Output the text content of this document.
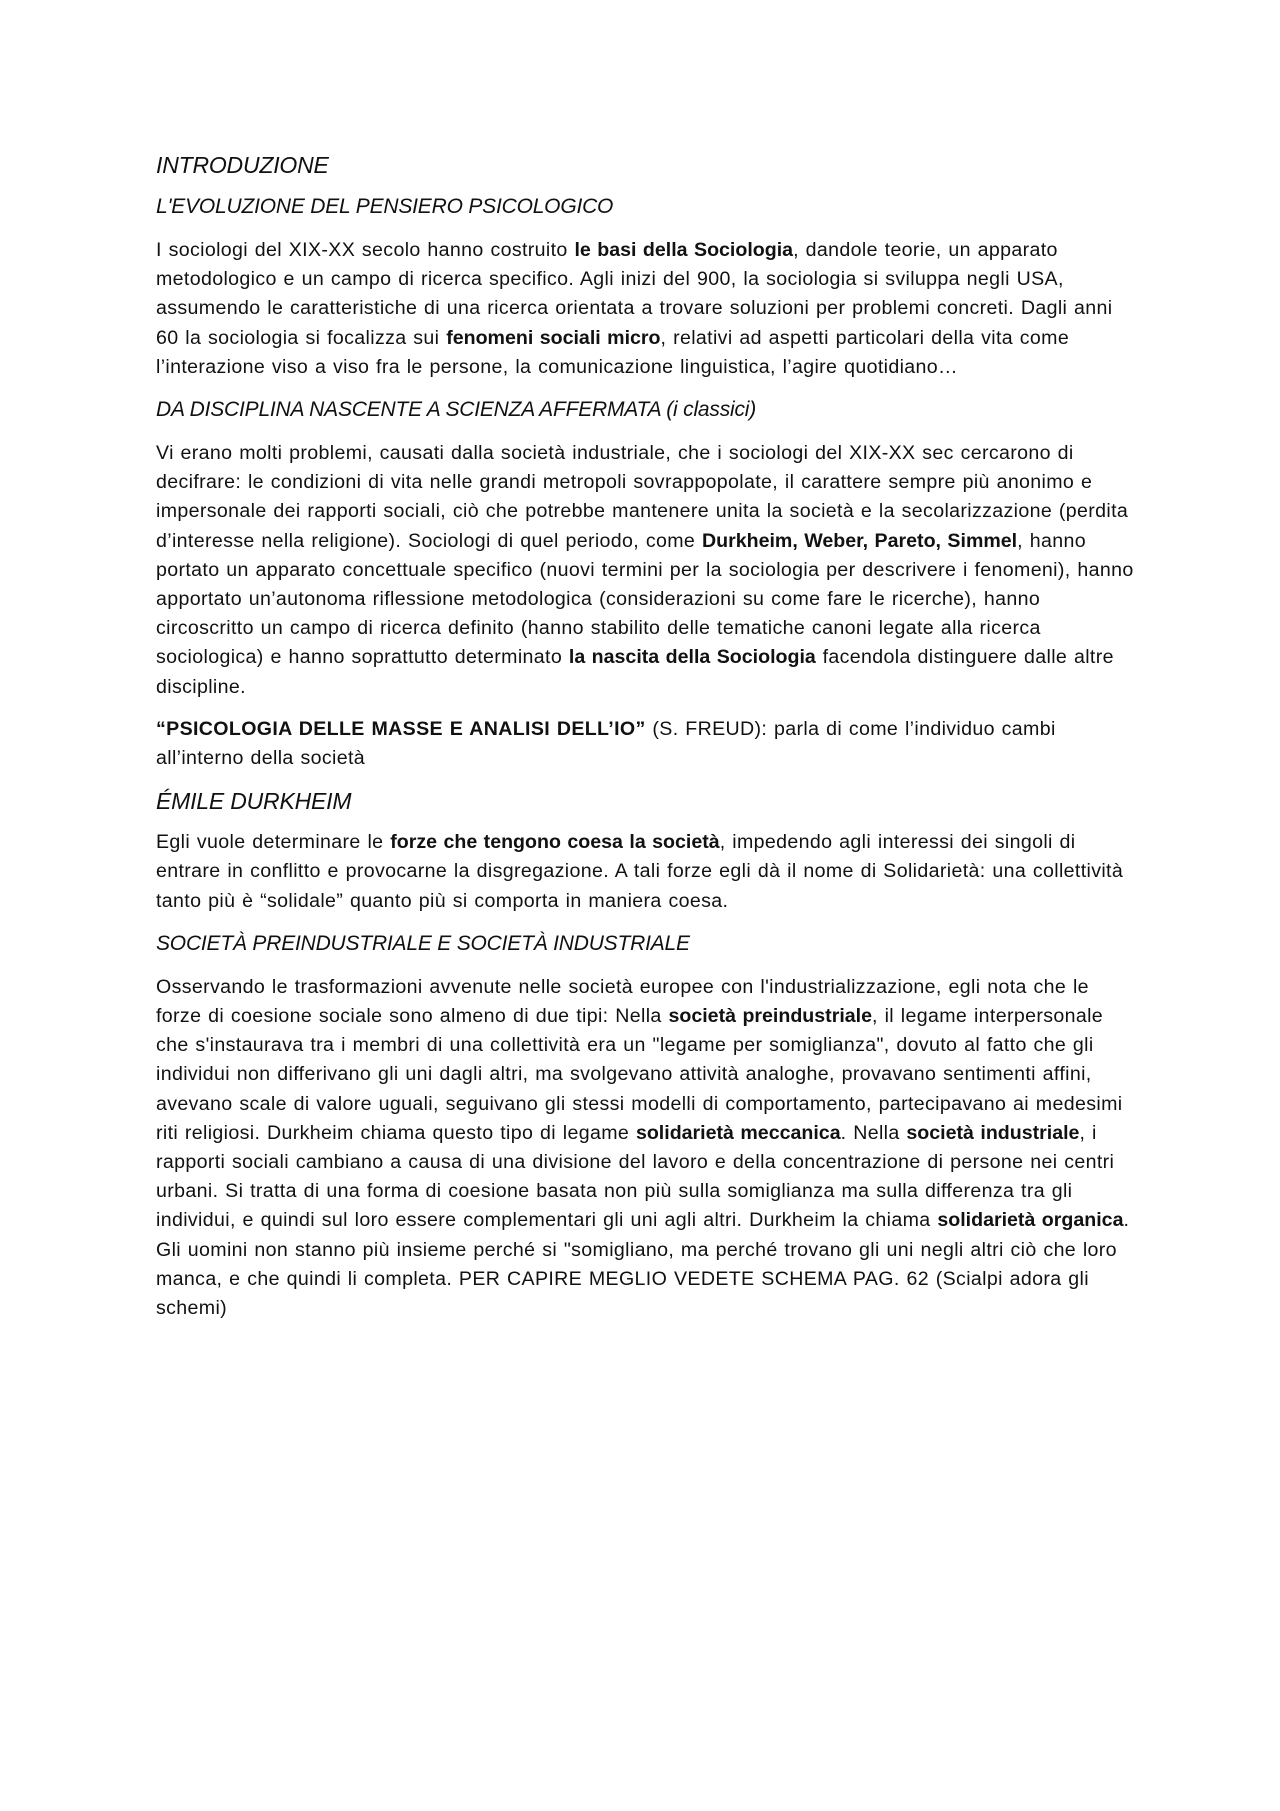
INTRODUZIONE
L'EVOLUZIONE DEL PENSIERO PSICOLOGICO
I sociologi del XIX-XX secolo hanno costruito le basi della Sociologia, dandole teorie, un apparato metodologico e un campo di ricerca specifico. Agli inizi del 900, la sociologia si sviluppa negli USA, assumendo le caratteristiche di una ricerca orientata a trovare soluzioni per problemi concreti. Dagli anni 60 la sociologia si focalizza sui fenomeni sociali micro, relativi ad aspetti particolari della vita come l’interazione viso a viso fra le persone, la comunicazione linguistica, l’agire quotidiano…
DA DISCIPLINA NASCENTE A SCIENZA AFFERMATA (i classici)
Vi erano molti problemi, causati dalla società industriale, che i sociologi del XIX-XX sec cercarono di decifrare: le condizioni di vita nelle grandi metropoli sovrappopolate, il carattere sempre più anonimo e impersonale dei rapporti sociali, ciò che potrebbe mantenere unita la società e la secolarizzazione (perdita d’interesse nella religione). Sociologi di quel periodo, come Durkheim, Weber, Pareto, Simmel, hanno portato un apparato concettuale specifico (nuovi termini per la sociologia per descrivere i fenomeni), hanno apportato un’autonoma riflessione metodologica (considerazioni su come fare le ricerche), hanno circoscritto un campo di ricerca definito (hanno stabilito delle tematiche canoni legate alla ricerca sociologica) e hanno soprattutto determinato la nascita della Sociologia facendola distinguere dalle altre discipline.
“PSICOLOGIA DELLE MASSE E ANALISI DELL’IO” (S. FREUD): parla di come l’individuo cambi all’interno della società
ÉMILE DURKHEIM
Egli vuole determinare le forze che tengono coesa la società, impedendo agli interessi dei singoli di entrare in conflitto e provocarne la disgregazione. A tali forze egli dà il nome di Solidarietà: una collettività tanto più è “solidale” quanto più si comporta in maniera coesa.
SOCIETÀ PREINDUSTRIALE E SOCIETÀ INDUSTRIALE
Osservando le trasformazioni avvenute nelle società europee con l'industrializzazione, egli nota che le forze di coesione sociale sono almeno di due tipi: Nella società preindustriale, il legame interpersonale che s'instaurava tra i membri di una collettività era un "legame per somiglianza", dovuto al fatto che gli individui non differivano gli uni dagli altri, ma svolgevano attività analoghe, provavano sentimenti affini, avevano scale di valore uguali, seguivano gli stessi modelli di comportamento, partecipavano ai medesimi riti religiosi. Durkheim chiama questo tipo di legame solidarietà meccanica. Nella società industriale, i rapporti sociali cambiano a causa di una divisione del lavoro e della concentrazione di persone nei centri urbani. Si tratta di una forma di coesione basata non più sulla somiglianza ma sulla differenza tra gli individui, e quindi sul loro essere complementari gli uni agli altri. Durkheim la chiama solidarietà organica. Gli uomini non stanno più insieme perché si "somigliano, ma perché trovano gli uni negli altri ciò che loro manca, e che quindi li completa. PER CAPIRE MEGLIO VEDETE SCHEMA PAG. 62 (Scialpi adora gli schemi)
